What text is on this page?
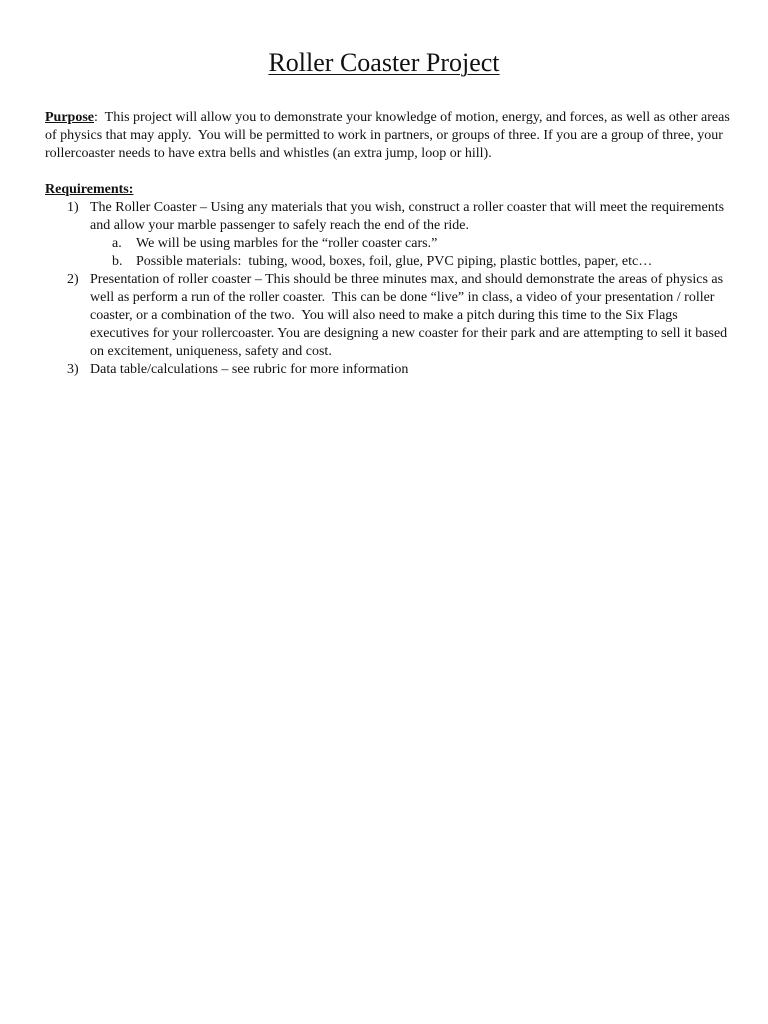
Roller Coaster Project

Purpose:  This project will allow you to demonstrate your knowledge of motion, energy, and forces, as well as other areas of physics that may apply.  You will be permitted to work in partners, or groups of three. If you are a group of three, your rollercoaster needs to have extra bells and whistles (an extra jump, loop or hill).

Requirements:

1) The Roller Coaster – Using any materials that you wish, construct a roller coaster that will meet the requirements and allow your marble passenger to safely reach the end of the ride.
a. We will be using marbles for the “roller coaster cars.”
b. Possible materials:  tubing, wood, boxes, foil, glue, PVC piping, plastic bottles, paper, etc…
2) Presentation of roller coaster – This should be three minutes max, and should demonstrate the areas of physics as well as perform a run of the roller coaster.  This can be done “live” in class, a video of your presentation / roller coaster, or a combination of the two.  You will also need to make a pitch during this time to the Six Flags executives for your rollercoaster. You are designing a new coaster for their park and are attempting to sell it based on excitement, uniqueness, safety and cost.
3) Data table/calculations – see rubric for more information
